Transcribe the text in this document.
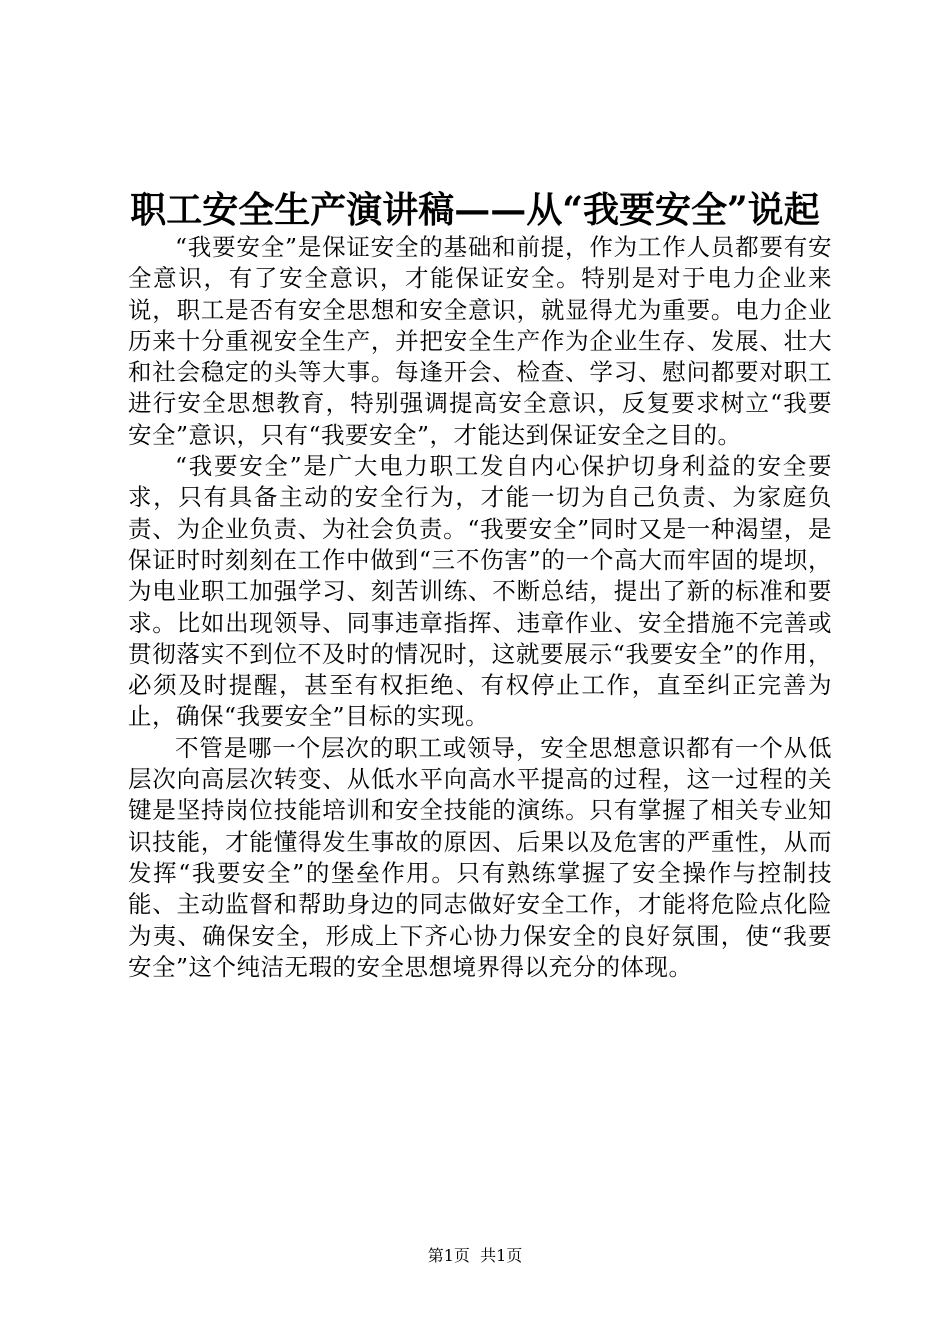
职工安全生产演讲稿——从“我要安全”说起

“我要安全”是保证安全的基础和前提，作为工作人员都要有安全意识，有了安全意识，才能保证安全。特别是对于电力企业来说，职工是否有安全思想和安全意识，就显得尤为重要。电力企业历来十分重视安全生产，并把安全生产作为企业生存、发展、壮大和社会稳定的头等大事。每逢开会、检查、学习、慰问都要对职工进行安全思想教育，特别强调提高安全意识，反复要求树立“我要安全”意识，只有“我要安全”，才能达到保证安全之目的。

“我要安全”是广大电力职工发自内心保护切身利益的安全要求，只有具备主动的安全行为，才能一切为自己负责、为家庭负责、为企业负责、为社会负责。“我要安全”同时又是一种渴望，是保证时时刻刻在工作中做到“三不伤害”的一个高大而牢固的堤坝，为电业职工加强学习、刻苦训练、不断总结，提出了新的标准和要求。比如出现领导、同事违章指挥、违章作业、安全措施不完善或贯彻落实不到位不及时的情况时，这就要展示“我要安全”的作用，必须及时提醒，甚至有权拒绝、有权停止工作，直至纠正完善为止，确保“我要安全”目标的实现。

不管是哪一个层次的职工或领导，安全思想意识都有一个从低层次向高层次转变、从低水平向高水平提高的过程，这一过程的关键是坚持岗位技能培训和安全技能的演练。只有掌握了相关专业知识技能，才能懂得发生事故的原因、后果以及危害的严重性，从而发挥“我要安全”的堡垒作用。只有熟练掌握了安全操作与控制技能、主动监督和帮助身边的同志做好安全工作，才能将危险点化险为夷、确保安全，形成上下齐心协力保安全的良好氛围，使“我要安全”这个纯洁无瑕的安全思想境界得以充分的体现。

第1页  共1页
